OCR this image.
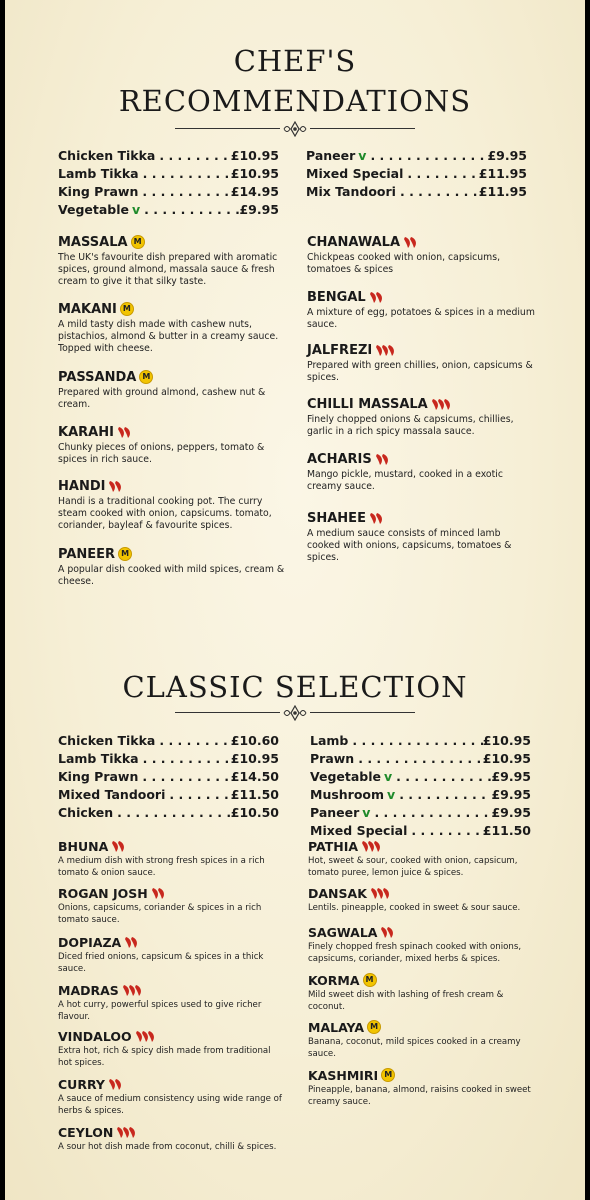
CHEF'S
RECOMMENDATIONS
Chicken Tikka . . .	£10.95
Lamb Tikka . . .	£10.95
King Prawn . . .	£14.95
Vegetable v . . .	£9.95
Paneer v . . .	£9.95
Mixed Special . . .	£11.95
Mix Tandoori . . .	£11.95
MASSALA M
The UK's favourite dish prepared with aromatic spices, ground almond, massala sauce & fresh cream to give it that silky taste.
MAKANI M
A mild tasty dish made with cashew nuts, pistachios, almond & butter in a creamy sauce. Topped with cheese.
PASSANDA M
Prepared with ground almond, cashew nut & cream.
KARAHI
Chunky pieces of onions, peppers, tomato & spices in rich sauce.
HANDI
Handi is a traditional cooking pot. The curry steam cooked with onion, capsicums. tomato, coriander, bayleaf & favourite spices.
PANEER M
A popular dish cooked with mild spices, cream & cheese.
CHANAWALA
Chickpeas cooked with onion, capsicums, tomatoes & spices
BENGAL
A mixture of egg, potatoes & spices in a medium sauce.
JALFREZI
Prepared with green chillies, onion, capsicums & spices.
CHILLI MASSALA
Finely chopped onions & capsicums, chillies, garlic in a rich spicy massala sauce.
ACHARIS
Mango pickle, mustard, cooked in a exotic creamy sauce.
SHAHEE
A medium sauce consists of minced lamb cooked with onions, capsicums, tomatoes & spices.
CLASSIC SELECTION
Chicken Tikka . . .	£10.60
Lamb Tikka . . .	£10.95
King Prawn . . .	£14.50
Mixed Tandoori . . .	£11.50
Chicken . . .	£10.50
Lamb . . .	£10.95
Prawn . . .	£10.95
Vegetable v . . .	£9.95
Mushroom v . . .	£9.95
Paneer v . . .	£9.95
Mixed Special . . .	£11.50
BHUNA
A medium dish with strong fresh spices in a rich tomato & onion sauce.
ROGAN JOSH
Onions, capsicums, coriander & spices in a rich tomato sauce.
DOPIAZA
Diced fried onions, capsicum & spices in a thick sauce.
MADRAS
A hot curry, powerful spices used to give richer flavour.
VINDALOO
Extra hot, rich & spicy dish made from traditional hot spices.
CURRY
A sauce of medium consistency using wide range of herbs & spices.
CEYLON
A sour hot dish made from coconut, chilli & spices.
PATHIA
Hot, sweet & sour, cooked with onion, capsicum, tomato puree, lemon juice & spices.
DANSAK
Lentils. pineapple, cooked in sweet & sour sauce.
SAGWALA
Finely chopped fresh spinach cooked with onions, capsicums, coriander, mixed herbs & spices.
KORMA M
Mild sweet dish with lashing of fresh cream & coconut.
MALAYA M
Banana, coconut, mild spices cooked in a creamy sauce.
KASHMIRI M
Pineapple, banana, almond, raisins cooked in sweet creamy sauce.
